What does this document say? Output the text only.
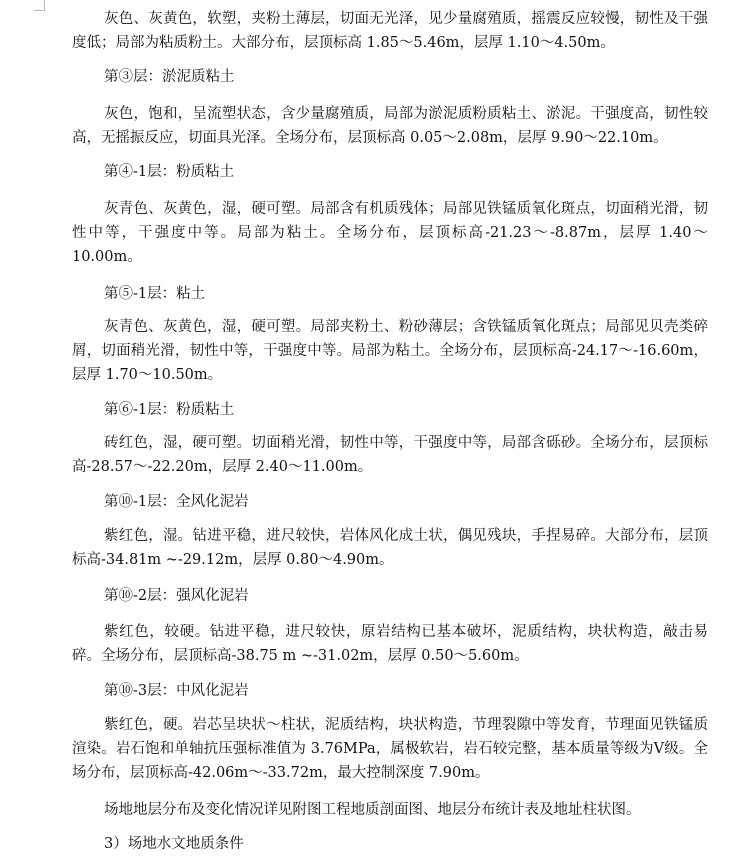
灰色、灰黄色，软塑，夹粉土薄层，切面无光泽，见少量腐殖质，摇震反应较慢，韧性及干强度低；局部为粘质粉土。大部分布，层顶标高 1.85～5.46m，层厚 1.10～4.50m。

第③层：淤泥质粘土

灰色，饱和，呈流塑状态，含少量腐殖质，局部为淤泥质粉质粘土、淤泥。干强度高，韧性较高，无摇振反应，切面具光泽。全场分布，层顶标高 0.05～2.08m，层厚 9.90～22.10m。

第④-1层：粉质粘土

灰青色、灰黄色，湿，硬可塑。局部含有机质残体；局部见铁锰质氧化斑点，切面稍光滑，韧性中等，干强度中等。局部为粘土。全场分布，层顶标高-21.23～-8.87m，层厚 1.40～10.00m。

第⑤-1层：粘土

灰青色、灰黄色，湿，硬可塑。局部夹粉土、粉砂薄层；含铁锰质氧化斑点；局部见贝壳类碎屑，切面稍光滑，韧性中等，干强度中等。局部为粘土。全场分布，层顶标高-24.17～-16.60m，层厚 1.70～10.50m。

第⑥-1层：粉质粘土

砖红色，湿，硬可塑。切面稍光滑，韧性中等，干强度中等，局部含砾砂。全场分布，层顶标高-28.57～-22.20m，层厚 2.40～11.00m。

第⑩-1层：全风化泥岩

紫红色，湿。钻进平稳，进尺较快，岩体风化成土状，偶见残块，手捏易碎。大部分布，层顶标高-34.81m ~-29.12m，层厚 0.80～4.90m。

第⑩-2层：强风化泥岩

紫红色，较硬。钻进平稳，进尺较快，原岩结构已基本破坏，泥质结构，块状构造，敲击易碎。全场分布，层顶标高-38.75 m ~-31.02m，层厚 0.50～5.60m。

第⑩-3层：中风化泥岩

紫红色，硬。岩芯呈块状～柱状，泥质结构，块状构造，节理裂隙中等发育，节理面见铁锰质渲染。岩石饱和单轴抗压强标准值为 3.76MPa，属极软岩，岩石较完整，基本质量等级为Ⅴ级。全场分布，层顶标高-42.06m～-33.72m，最大控制深度 7.90m。

场地地层分布及变化情况详见附图工程地质剖面图、地层分布统计表及地址柱状图。

3）场地水文地质条件
